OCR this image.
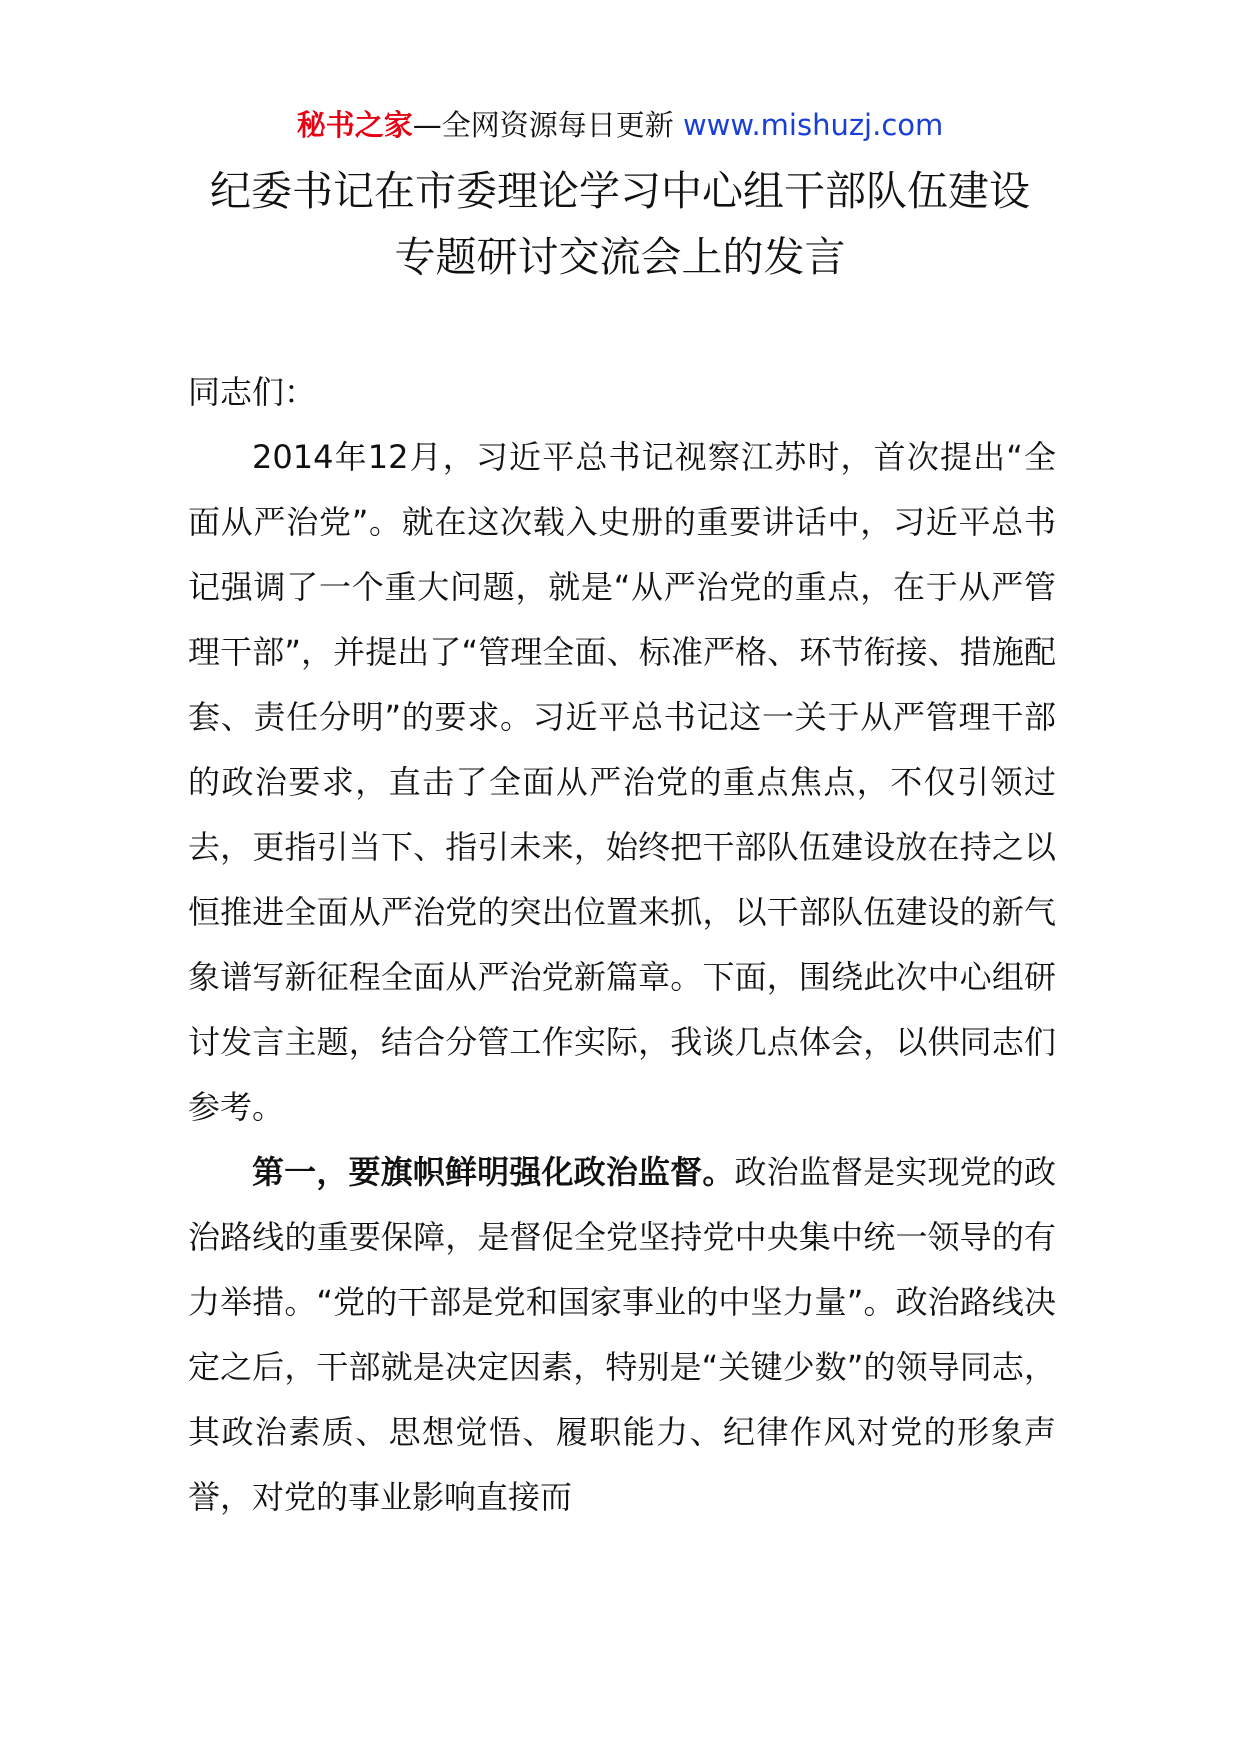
秘书之家—全网资源每日更新 www.mishuzj.com
纪委书记在市委理论学习中心组干部队伍建设
专题研讨交流会上的发言

同志们：

2014年12月，习近平总书记视察江苏时，首次提出“全面从严治党”。就在这次载入史册的重要讲话中，习近平总书记强调了一个重大问题，就是“从严治党的重点，在于从严管理干部”，并提出了“管理全面、标准严格、环节衔接、措施配套、责任分明”的要求。习近平总书记这一关于从严管理干部的政治要求，直击了全面从严治党的重点焦点，不仅引领过去，更指引当下、指引未来，始终把干部队伍建设放在持之以恒推进全面从严治党的突出位置来抓，以干部队伍建设的新气象谱写新征程全面从严治党新篇章。下面，围绕此次中心组研讨发言主题，结合分管工作实际，我谈几点体会，以供同志们参考。

第一，要旗帜鲜明强化政治监督。政治监督是实现党的政治路线的重要保障，是督促全党坚持党中央集中统一领导的有力举措。“党的干部是党和国家事业的中坚力量”。政治路线决定之后，干部就是决定因素，特别是“关键少数”的领导同志，其政治素质、思想觉悟、履职能力、纪律作风对党的形象声誉，对党的事业影响直接而
